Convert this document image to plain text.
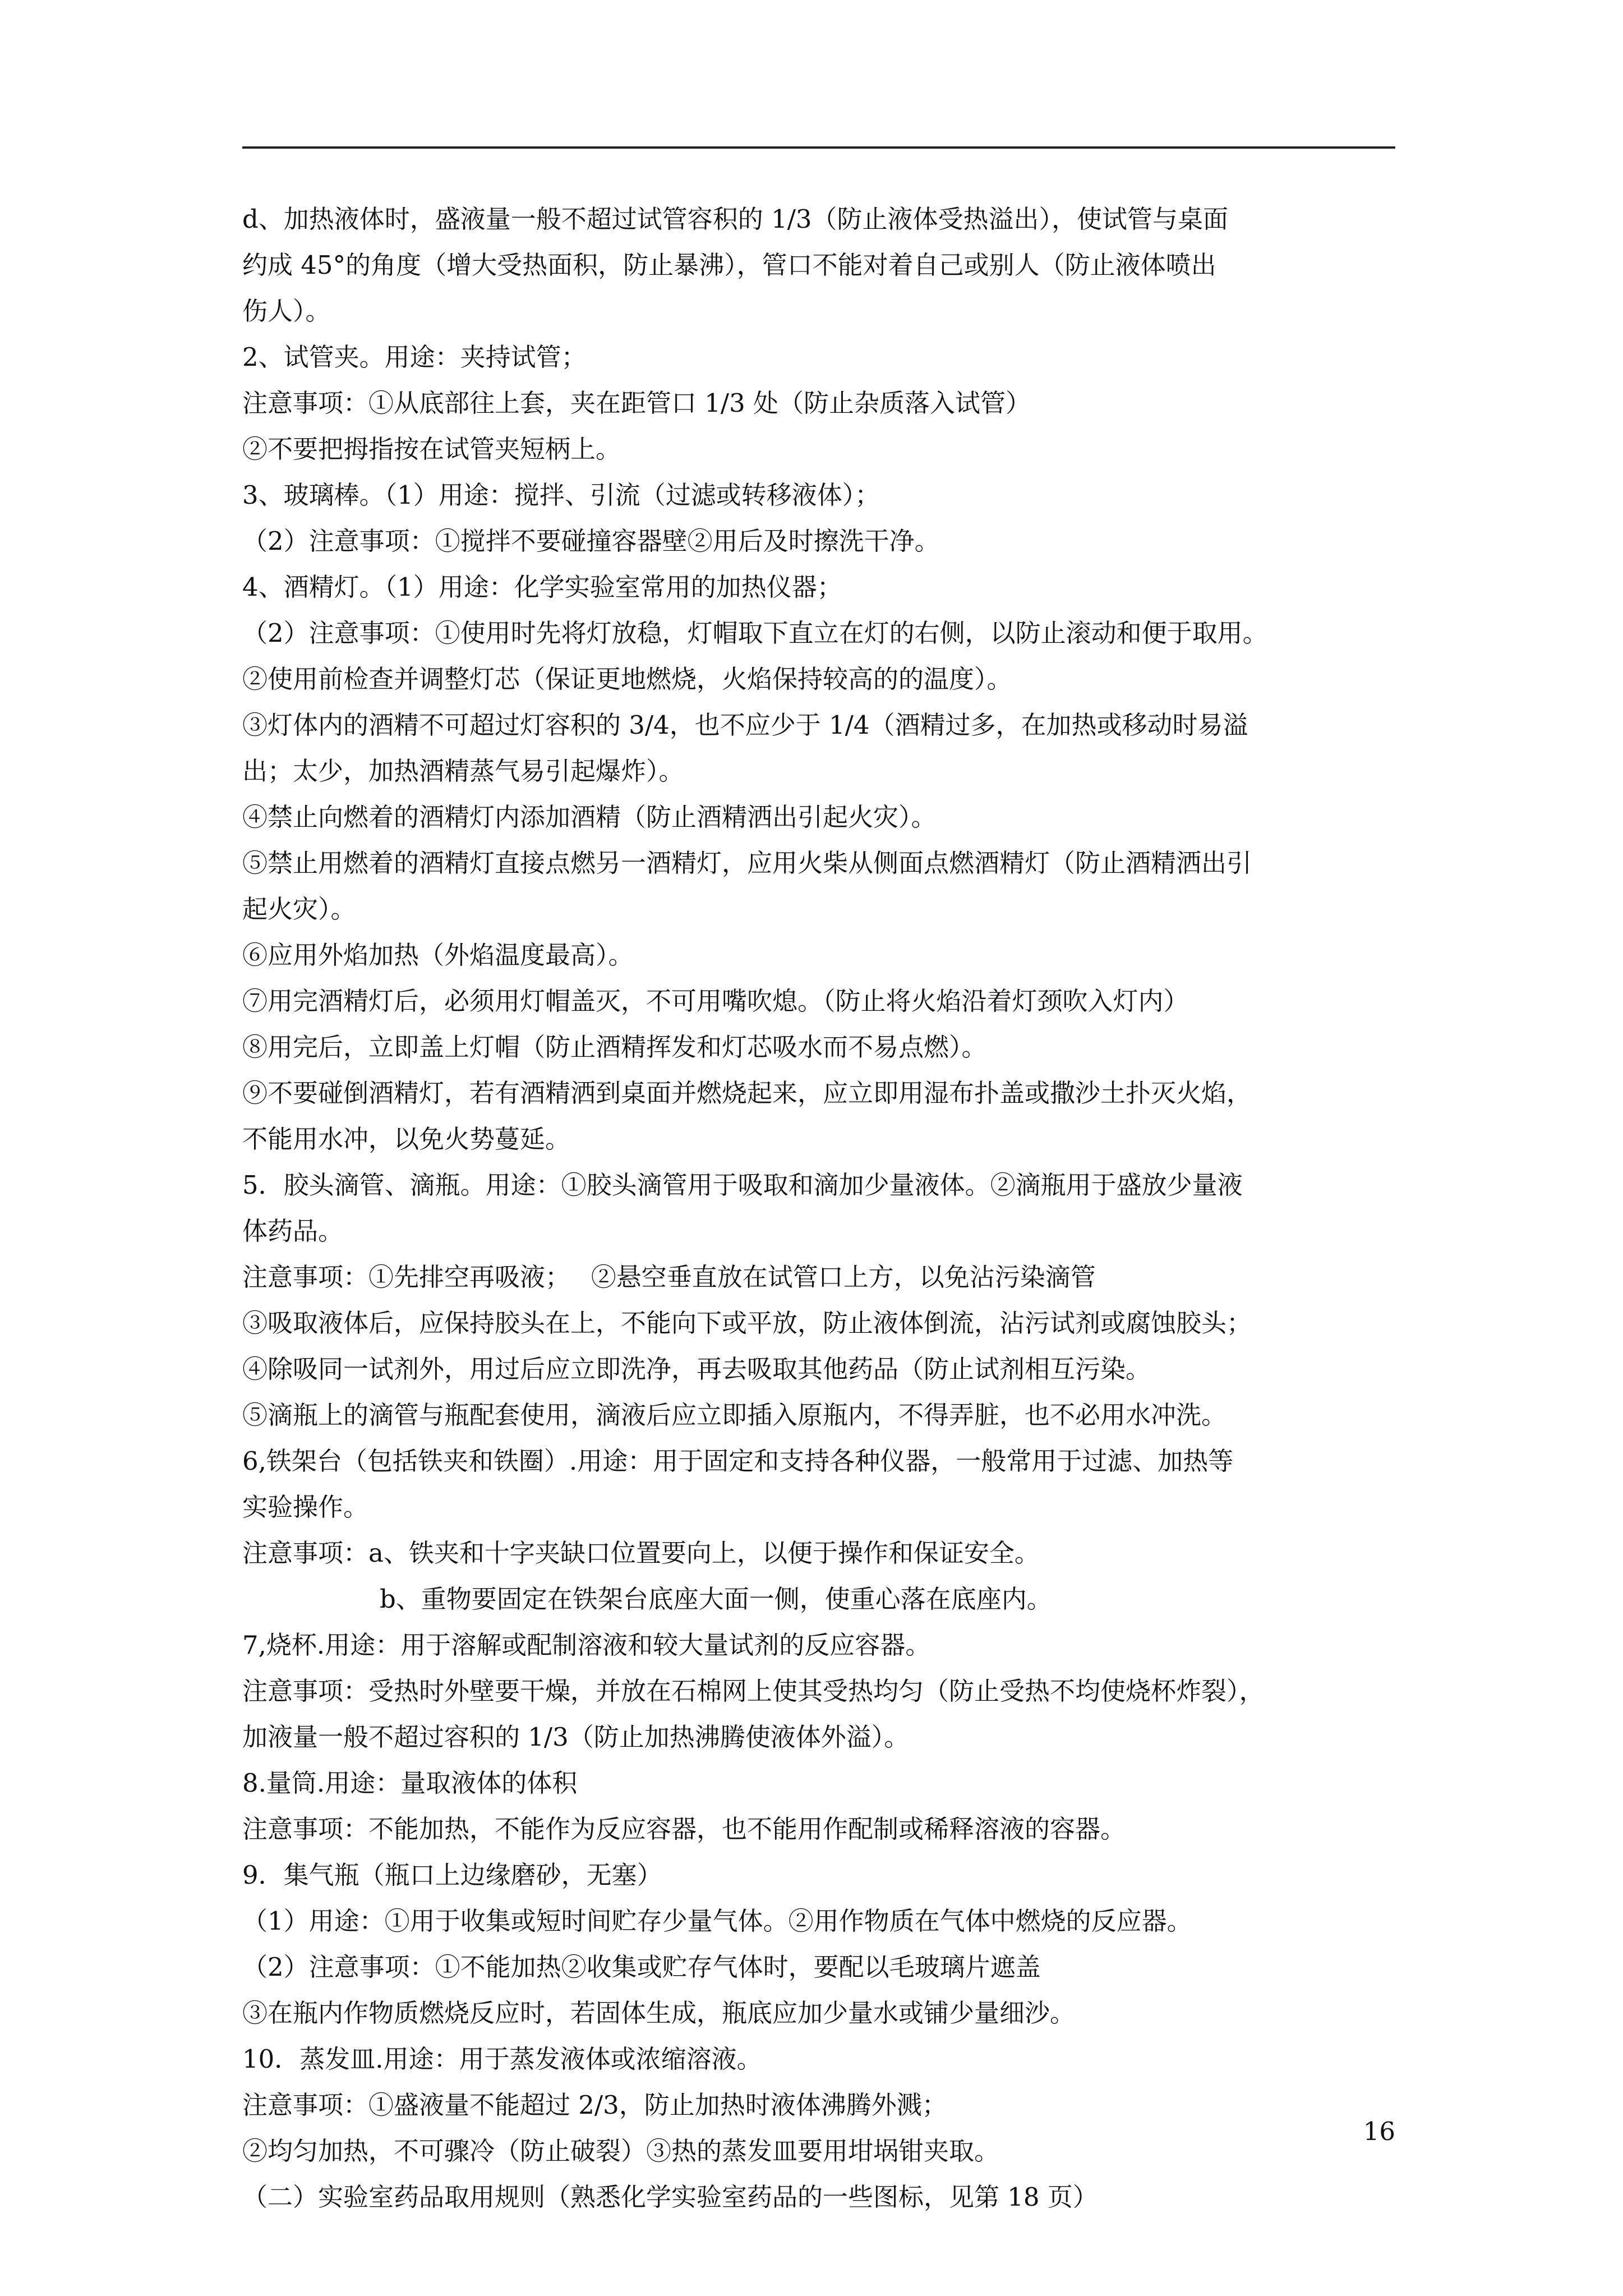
d、加热液体时，盛液量一般不超过试管容积的 1/3（防止液体受热溢出），使试管与桌面
约成 45°的角度（增大受热面积，防止暴沸），管口不能对着自己或别人（防止液体喷出
伤人）。
2、试管夹。用途：夹持试管；
注意事项：①从底部往上套，夹在距管口 1/3 处（防止杂质落入试管）
②不要把拇指按在试管夹短柄上。
3、玻璃棒。（1）用途：搅拌、引流（过滤或转移液体）；
（2）注意事项：①搅拌不要碰撞容器壁②用后及时擦洗干净。
4、酒精灯。（1）用途：化学实验室常用的加热仪器；
（2）注意事项：①使用时先将灯放稳，灯帽取下直立在灯的右侧，以防止滚动和便于取用。
②使用前检查并调整灯芯（保证更地燃烧，火焰保持较高的的温度）。
③灯体内的酒精不可超过灯容积的 3/4，也不应少于 1/4（酒精过多，在加热或移动时易溢
出；太少，加热酒精蒸气易引起爆炸）。
④禁止向燃着的酒精灯内添加酒精（防止酒精洒出引起火灾）。
⑤禁止用燃着的酒精灯直接点燃另一酒精灯，应用火柴从侧面点燃酒精灯（防止酒精洒出引
起火灾）。
⑥应用外焰加热（外焰温度最高）。
⑦用完酒精灯后，必须用灯帽盖灭，不可用嘴吹熄。（防止将火焰沿着灯颈吹入灯内）
⑧用完后，立即盖上灯帽（防止酒精挥发和灯芯吸水而不易点燃）。
⑨不要碰倒酒精灯，若有酒精洒到桌面并燃烧起来，应立即用湿布扑盖或撒沙土扑灭火焰，
不能用水冲，以免火势蔓延。
5．胶头滴管、滴瓶。用途：①胶头滴管用于吸取和滴加少量液体。②滴瓶用于盛放少量液
体药品。
注意事项：①先排空再吸液；　 ②悬空垂直放在试管口上方，以免沾污染滴管
③吸取液体后，应保持胶头在上，不能向下或平放，防止液体倒流，沾污试剂或腐蚀胶头；
④除吸同一试剂外，用过后应立即洗净，再去吸取其他药品（防止试剂相互污染。
⑤滴瓶上的滴管与瓶配套使用，滴液后应立即插入原瓶内，不得弄脏，也不必用水冲洗。
6,铁架台（包括铁夹和铁圈）.用途：用于固定和支持各种仪器，一般常用于过滤、加热等
实验操作。
注意事项：a、铁夹和十字夹缺口位置要向上，以便于操作和保证安全。
b、重物要固定在铁架台底座大面一侧，使重心落在底座内。
7,烧杯.用途：用于溶解或配制溶液和较大量试剂的反应容器。
注意事项：受热时外壁要干燥，并放在石棉网上使其受热均匀（防止受热不均使烧杯炸裂），
加液量一般不超过容积的 1/3（防止加热沸腾使液体外溢）。
8.量筒.用途：量取液体的体积
注意事项：不能加热，不能作为反应容器，也不能用作配制或稀释溶液的容器。
9．集气瓶（瓶口上边缘磨砂，无塞）
（1）用途：①用于收集或短时间贮存少量气体。②用作物质在气体中燃烧的反应器。
（2）注意事项：①不能加热②收集或贮存气体时，要配以毛玻璃片遮盖
③在瓶内作物质燃烧反应时，若固体生成，瓶底应加少量水或铺少量细沙。
10．蒸发皿.用途：用于蒸发液体或浓缩溶液。
注意事项：①盛液量不能超过 2/3，防止加热时液体沸腾外溅；
②均匀加热，不可骤冷（防止破裂）③热的蒸发皿要用坩埚钳夹取。
（二）实验室药品取用规则（熟悉化学实验室药品的一些图标，见第 18 页）
16
